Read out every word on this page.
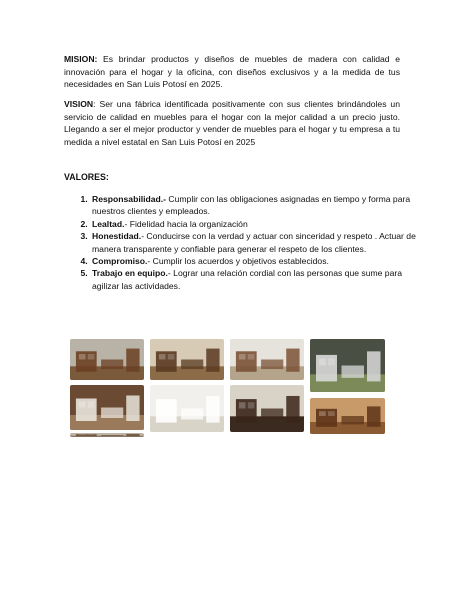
MISION: Es brindar productos y diseños de muebles de madera con calidad e innovación para el hogar y la oficina, con diseños exclusivos y a la medida de tus necesidades en San Luis Potosí en 2025.

VISION: Ser una fábrica identificada positivamente con sus clientes brindándoles un servicio de calidad en muebles para el hogar con la mejor calidad a un precio justo. Llegando a ser el mejor productor y vender de muebles para el hogar y tu empresa a tu medida a nivel estatal en San Luis Potosí en 2025

VALORES:

1. Responsabilidad.- Cumplir con las obligaciones asignadas en tiempo y forma para nuestros clientes y empleados.
2. Lealtad.- Fidelidad hacia la organización
3. Honestidad.- Conducirse con la verdad y actuar con sinceridad y respeto . Actuar de manera transparente y confiable para generar el respeto de los clientes.
4. Compromiso.- Cumplir los acuerdos y objetivos establecidos.
5. Trabajo en equipo.- Lograr una relación cordial con las personas que sume para agilizar las actividades.
